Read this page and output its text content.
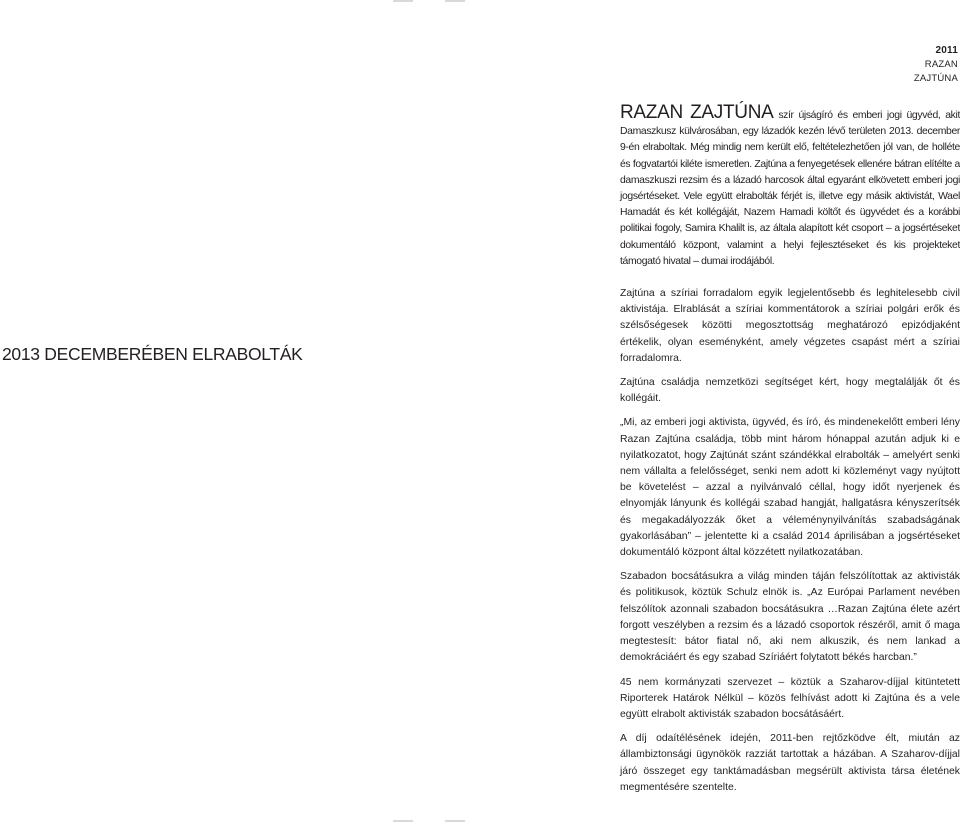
2011
RAZAN
ZAJTÚNA
2013 DECEMBERÉBEN ELRABOLTÁK

RAZAN ZAJTÚNA szír újságíró és emberi jogi ügyvéd, akit Damaszkusz külvárosában, egy lázadók kezén lévő területen 2013. december 9-én elraboltak. Még mindig nem került elő, feltételezhetően jól van, de holléte és fogvatartói kiléte ismeretlen. Zajtúna a fenyegetések ellenére bátran elítélte a damaszkuszi rezsim és a lázadó harcosok által egyaránt elkövetett emberi jogi jogsértéseket. Vele együtt elrabolták férjét is, illetve egy másik aktivistát, Wael Hamadát és két kollégáját, Nazem Hamadi költőt és ügyvédet és a korábbi politikai fogoly, Samira Khalilt is, az általa alapított két csoport – a jogsértéseket dokumentáló központ, valamint a helyi fejlesztéseket és kis projekteket támogató hivatal – dumai irodájából.

Zajtúna a szíriai forradalom egyik legjelentősebb és leghitelesebb civil aktivistája. Elrablását a szíriai kommentátorok a szíriai polgári erők és szélsőségesek közötti megosztottság meghatározó epizódjaként értékelik, olyan eseményként, amely végzetes csapást mért a szíriai forradalomra.

Zajtúna családja nemzetközi segítséget kért, hogy megtalálják őt és kollégáit.

„Mi, az emberi jogi aktivista, ügyvéd, és író, és mindenekelőtt emberi lény Razan Zajtúna családja, több mint három hónappal azután adjuk ki e nyilatkozatot, hogy Zajtúnát szánt szándékkal elrabolták – amelyért senki nem vállalta a felelősséget, senki nem adott ki közleményt vagy nyújtott be követelést – azzal a nyilvánvaló céllal, hogy időt nyerjenek és elnyomják lányunk és kollégái szabad hangját, hallgatásra kényszerítsék és megakadályozzák őket a véleménynyilvánítás szabadságának gyakorlásában” – jelentette ki a család 2014 áprilisában a jogsértéseket dokumentáló központ által közzétett nyilatkozatában.

Szabadon bocsátásukra a világ minden táján felszólítottak az aktivisták és politikusok, köztük Schulz elnök is. „Az Európai Parlament nevében felszólítok azonnali szabadon bocsátásukra …Razan Zajtúna élete azért forgott veszélyben a rezsim és a lázadó csoportok részéről, amit ő maga megtestesít: bátor fiatal nő, aki nem alkuszik, és nem lankad a demokráciáért és egy szabad Szíriáért folytatott békés harcban.”

45 nem kormányzati szervezet – köztük a Szaharov-díjjal kitüntetett Riporterek Határok Nélkül – közös felhívást adott ki Zajtúna és a vele együtt elrabolt aktivisták szabadon bocsátásáért.

A díj odaítélésének idején, 2011-ben rejtőzködve élt, miután az állambiztonsági ügynökök razziát tartottak a házában. A Szaharov-díjjal járó összeget egy tanktámadásban megsérült aktivista társa életének megmentésére szentelte.
